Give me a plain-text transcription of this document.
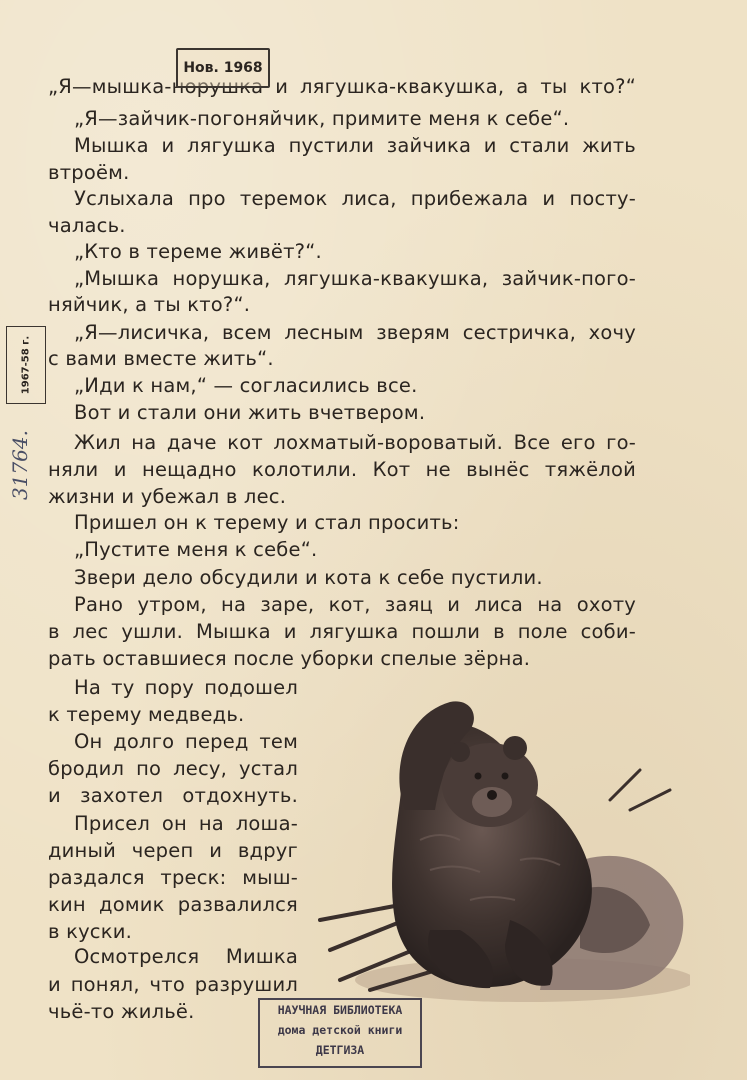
„Я—мышка-норушка и лягушка-квакушка, а ты кто?“

„Я—зайчик-погоняйчик, примите меня к себе“.

Мышка и лягушка пустили зайчика и стали жить

втроём.

Услыхала про теремок лиса, прибежала и посту-

чалась.

„Кто в тереме живёт?“.

„Мышка норушка, лягушка-квакушка, зайчик-пого-

няйчик, а ты кто?“.

„Я—лисичка, всем лесным зверям сестричка, хочу

с вами вместе жить“.

„Иди к нам,“ — согласились все.

Вот и стали они жить вчетвером.

Жил на даче кот лохматый-вороватый. Все его го-

няли и нещадно колотили. Кот не вынёс тяжёлой

жизни и убежал в лес.

Пришел он к терему и стал просить:

„Пустите меня к себе“.

Звери дело обсудили и кота к себе пустили.

Рано утром, на заре, кот, заяц и лиса на охоту

в лес ушли. Мышка и лягушка пошли в поле соби-

рать оставшиеся после уборки спелые зёрна.

На ту пору подошел

к терему медведь.

Он долго перед тем

бродил по лесу, устал

и захотел отдохнуть.

Присел он на лоша-

диный череп и вдруг

раздался треск: мыш-

кин домик развалился

в куски.

Осмотрелся Мишка

и понял, что разрушил

чьё-то жильё.

Нов. 1968
1967-58 г.
31764.
НАУЧНАЯ БИБЛИОТЕКА
дома детской книги
ДЕТГИЗА
